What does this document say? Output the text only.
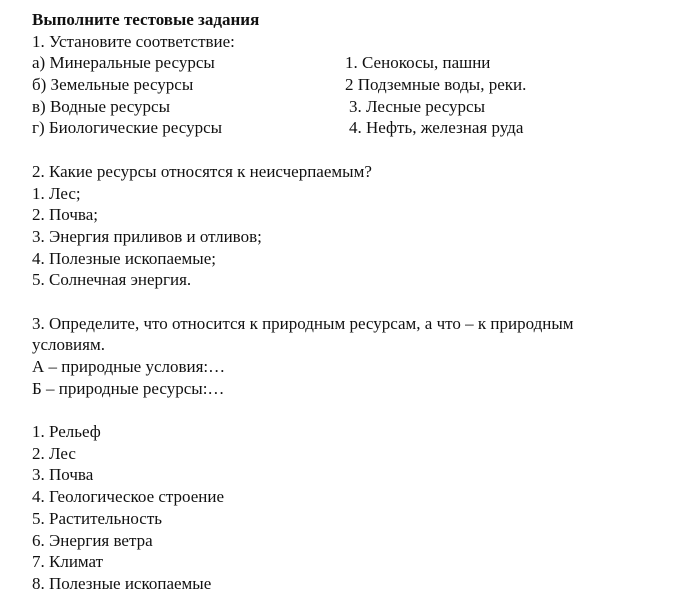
Выполните тестовые задания
1. Установите соответствие:
а) Минеральные ресурсы	1. Сенокосы, пашни
б) Земельные ресурсы	2 Подземные воды, реки.
в) Водные ресурсы	3. Лесные ресурсы
г) Биологические ресурсы	4. Нефть, железная руда
2. Какие ресурсы относятся к неисчерпаемым?
1. Лес;
2. Почва;
3. Энергия приливов и отливов;
4. Полезные ископаемые;
5. Солнечная энергия.
3. Определите, что относится к природным ресурсам, а что – к природным
условиям.
А – природные условия:…
Б – природные ресурсы:…
1. Рельеф
2. Лес
3. Почва
4. Геологическое строение
5. Растительность
6. Энергия ветра
7. Климат
8. Полезные ископаемые
